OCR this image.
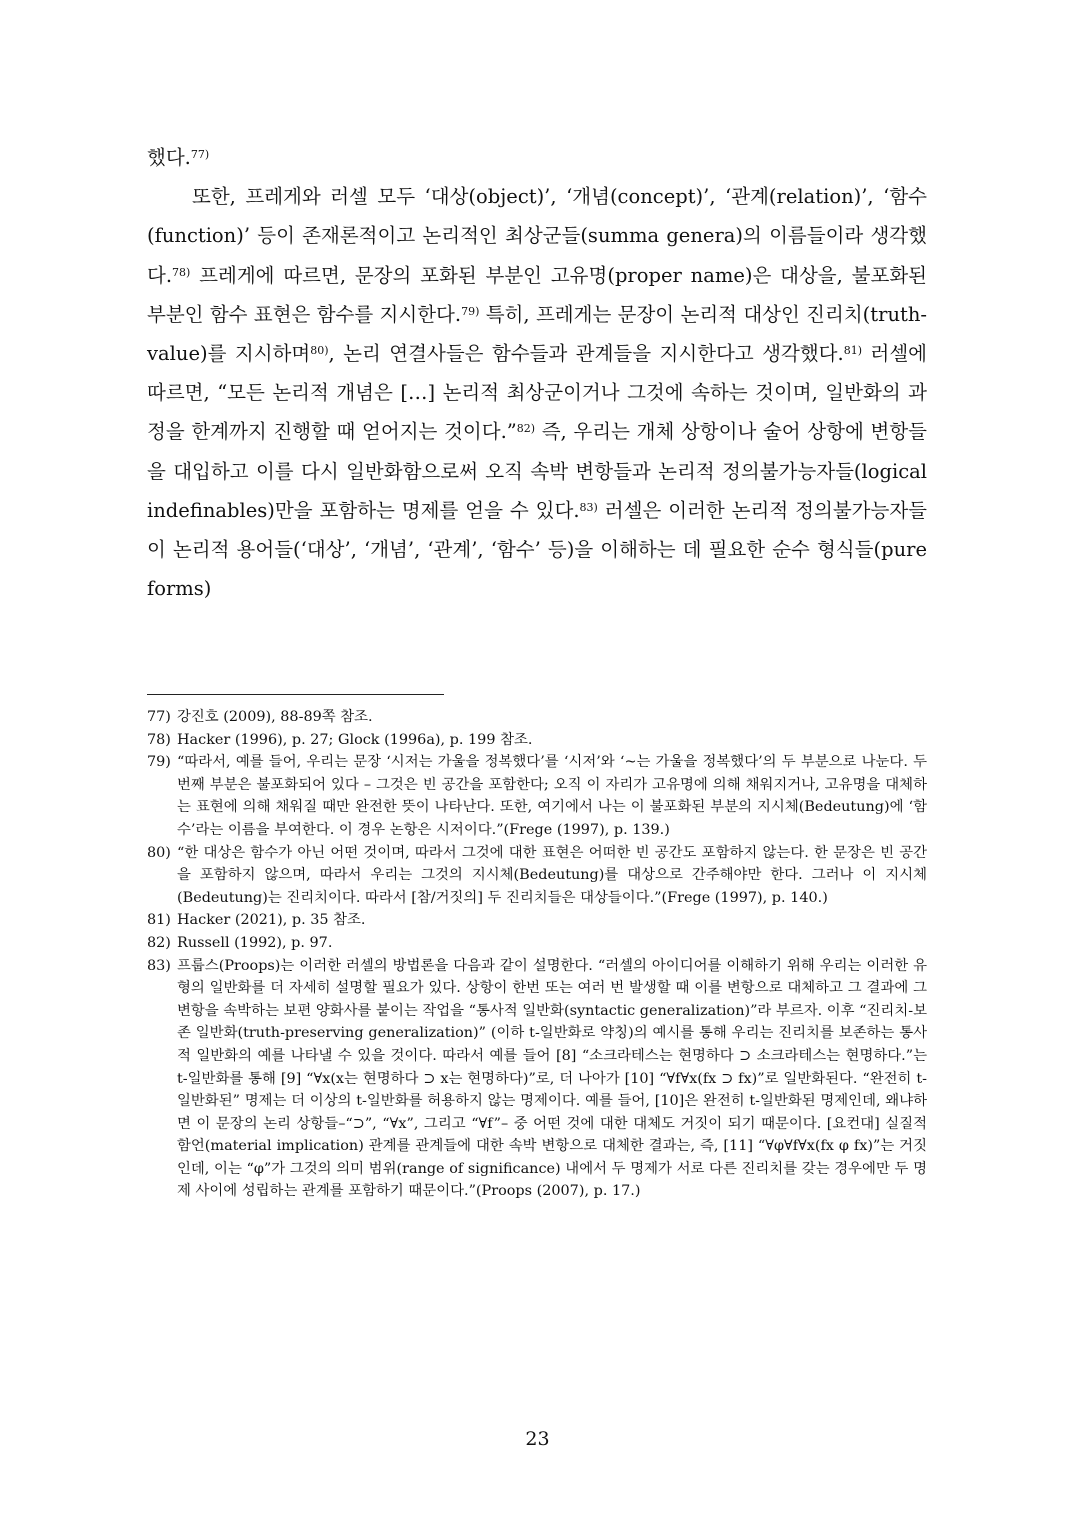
했다.$^{77)}$

또한, 프레게와 러셀 모두 ‘대상(object)’, ‘개념(concept)’, ‘관계(relation)’, ‘함수(function)’ 등이 존재론적이고 논리적인 최상군들(summa genera)의 이름들이라 생각했다.$^{78)}$ 프레게에 따르면, 문장의 포화된 부분인 고유명(proper name)은 대상을, 불포화된 부분인 함수 표현은 함수를 지시한다.$^{79)}$ 특히, 프레게는 문장이 논리적 대상인 진리치(truth-value)를 지시하며$^{80)}$, 논리 연결사들은 함수들과 관계들을 지시한다고 생각했다.$^{81)}$ 러셀에 따르면, “모든 논리적 개념은 […] 논리적 최상군이거나 그것에 속하는 것이며, 일반화의 과정을 한계까지 진행할 때 얻어지는 것이다.”$^{82)}$ 즉, 우리는 개체 상항이나 술어 상항에 변항들을 대입하고 이를 다시 일반화함으로써 오직 속박 변항들과 논리적 정의불가능자들(logical indefinables)만을 포함하는 명제를 얻을 수 있다.$^{83)}$ 러셀은 이러한 논리적 정의불가능자들이 논리적 용어들(‘대상’, ‘개념’, ‘관계’, ‘함수’ 등)을 이해하는 데 필요한 순수 형식들(pure forms)

77) 강진호 (2009), 88-89쪽 참조.
78) Hacker (1996), p. 27; Glock (1996a), p. 199 참조.
79) “따라서, 예를 들어, 우리는 문장 ‘시저는 가울을 정복했다’를 ‘시저’와 ‘~는 가울을 정복했다’의 두 부분으로 나눈다. 두 번째 부분은 불포화되어 있다 – 그것은 빈 공간을 포함한다; 오직 이 자리가 고유명에 의해 채워지거나, 고유명을 대체하는 표현에 의해 채워질 때만 완전한 뜻이 나타난다. 또한, 여기에서 나는 이 불포화된 부분의 지시체(Bedeutung)에 ‘함수’라는 이름을 부여한다. 이 경우 논항은 시저이다.”(Frege (1997), p. 139.)
80) “한 대상은 함수가 아닌 어떤 것이며, 따라서 그것에 대한 표현은 어떠한 빈 공간도 포함하지 않는다. 한 문장은 빈 공간을 포함하지 않으며, 따라서 우리는 그것의 지시체(Bedeutung)를 대상으로 간주해야만 한다. 그러나 이 지시체(Bedeutung)는 진리치이다. 따라서 [참/거짓의] 두 진리치들은 대상들이다.”(Frege (1997), p. 140.)
81) Hacker (2021), p. 35 참조.
82) Russell (1992), p. 97.
83) 프룹스(Proops)는 이러한 러셀의 방법론을 다음과 같이 설명한다. “러셀의 아이디어를 이해하기 위해 우리는 이러한 유형의 일반화를 더 자세히 설명할 필요가 있다. 상항이 한번 또는 여러 번 발생할 때 이를 변항으로 대체하고 그 결과에 그 변항을 속박하는 보편 양화사를 붙이는 작업을 “통사적 일반화(syntactic generalization)”라 부르자. 이후 “진리치-보존 일반화(truth-preserving generalization)” (이하 t-일반화로 약칭)의 예시를 통해 우리는 진리치를 보존하는 통사적 일반화의 예를 나타낼 수 있을 것이다. 따라서 예를 들어 [8] “소크라테스는 현명하다 ⊃ 소크라테스는 현명하다.”는 t-일반화를 통해 [9] “∀x(x는 현명하다 ⊃ x는 현명하다)”로, 더 나아가 [10] “∀f∀x(fx ⊃ fx)”로 일반화된다. “완전히 t-일반화된” 명제는 더 이상의 t-일반화를 허용하지 않는 명제이다. 예를 들어, [10]은 완전히 t-일반화된 명제인데, 왜냐하면 이 문장의 논리 상항들–“⊃”, “∀x”, 그리고 “∀f”– 중 어떤 것에 대한 대체도 거짓이 되기 때문이다. [요컨대] 실질적 함언(material implication) 관계를 관계들에 대한 속박 변항으로 대체한 결과는, 즉, [11] “∀φ∀f∀x(fx φ fx)”는 거짓인데, 이는 “φ”가 그것의 의미 범위(range of significance) 내에서 두 명제가 서로 다른 진리치를 갖는 경우에만 두 명제 사이에 성립하는 관계를 포함하기 때문이다.”(Proops (2007), p. 17.)
23
